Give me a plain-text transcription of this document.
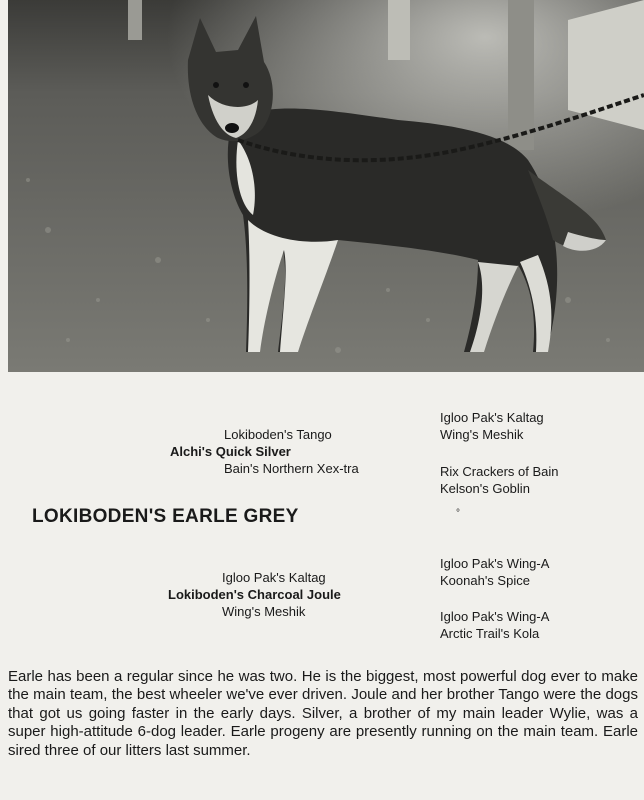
Lokiboden's Tango
Alchi's Quick Silver
Bain's Northern Xex-tra
Igloo Pak's Kaltag
Wing's Meshik
Rix Crackers of Bain
Kelson's Goblin
LOKIBODEN'S EARLE GREY	°
Igloo Pak's Kaltag
Lokiboden's Charcoal Joule
Wing's Meshik
Igloo Pak's Wing-A
Koonah's Spice
Igloo Pak's Wing-A
Arctic Trail's Kola
Earle has been a regular since he was two. He is the biggest, most powerful dog ever to make the main team, the best wheeler we've ever driven. Joule and her brother Tango were the dogs that got us going faster in the early days. Silver, a brother of my main leader Wylie, was a super high-attitude 6-dog leader. Earle progeny are presently running on the main team. Earle sired three of our litters last summer.
